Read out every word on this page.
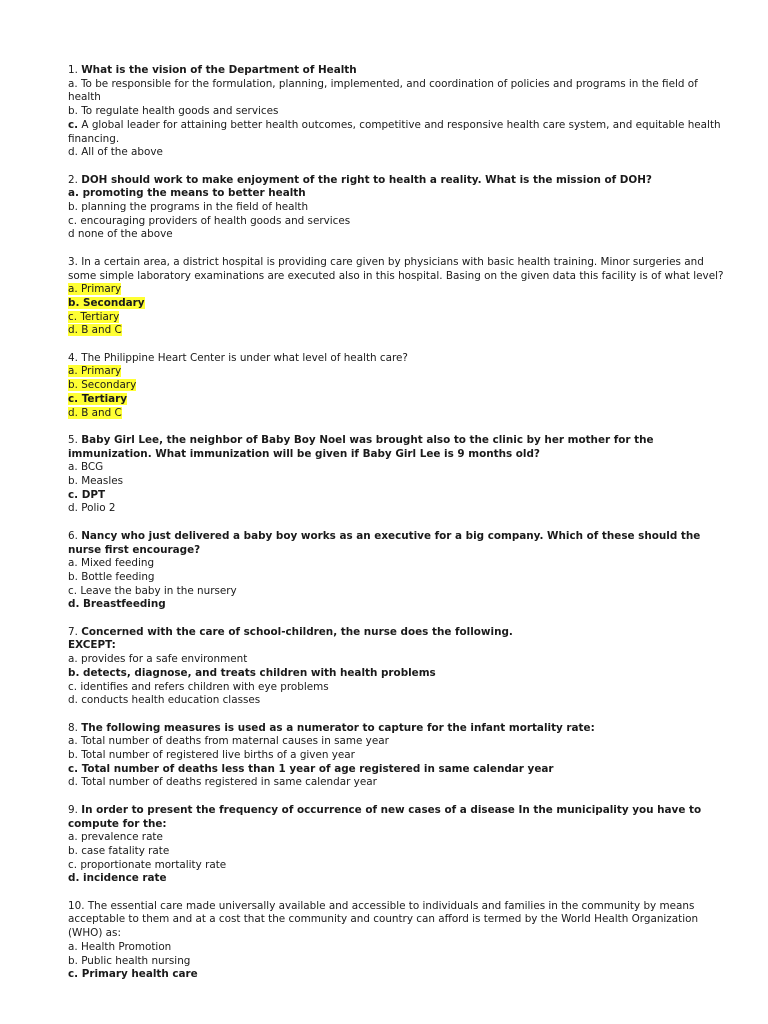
1. What is the vision of the Department of Health
a. To be responsible for the formulation, planning, implemented, and coordination of policies and programs in the field of health
b. To regulate health goods and services
c. A global leader for attaining better health outcomes, competitive and responsive health care system, and equitable health financing.
d. All of the above
2. DOH should work to make enjoyment of the right to health a reality. What is the mission of DOH?
a. promoting the means to better health
b. planning the programs in the field of health
c. encouraging providers of health goods and services
d none of the above
3. In a certain area, a district hospital is providing care given by physicians with basic health training. Minor surgeries and some simple laboratory examinations are executed also in this hospital. Basing on the given data this facility is of what level?
a. Primary
b. Secondary
c. Tertiary
d. B and C
4. The Philippine Heart Center is under what level of health care?
a. Primary
b. Secondary
c. Tertiary
d. B and C
5. Baby Girl Lee, the neighbor of Baby Boy Noel was brought also to the clinic by her mother for the immunization. What immunization will be given if Baby Girl Lee is 9 months old?
a. BCG
b. Measles
c. DPT
d. Polio 2
6. Nancy who just delivered a baby boy works as an executive for a big company. Which of these should the nurse first encourage?
a. Mixed feeding
b. Bottle feeding
c. Leave the baby in the nursery
d. Breastfeeding
7. Concerned with the care of school-children, the nurse does the following.
EXCEPT:
a. provides for a safe environment
b. detects, diagnose, and treats children with health problems
c. identifies and refers children with eye problems
d. conducts health education classes
8. The following measures is used as a numerator to capture for the infant mortality rate:
a. Total number of deaths from maternal causes in same year
b. Total number of registered live births of a given year
c. Total number of deaths less than 1 year of age registered in same calendar year
d. Total number of deaths registered in same calendar year
9. In order to present the frequency of occurrence of new cases of a disease In the municipality you have to compute for the:
a. prevalence rate
b. case fatality rate
c. proportionate mortality rate
d. incidence rate
10. The essential care made universally available and accessible to individuals and families in the community by means acceptable to them and at a cost that the community and country can afford is termed by the World Health Organization (WHO) as:
a. Health Promotion
b. Public health nursing
c. Primary health care
